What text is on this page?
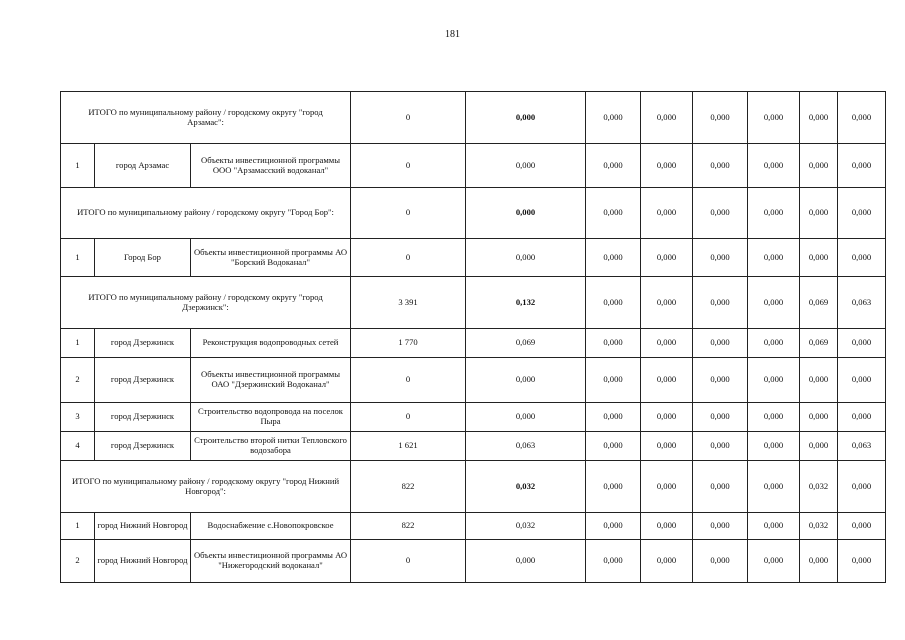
181
ИТОГО по муниципальному району / городскому округу "город Арзамас":			0	0,000	0,000	0,000	0,000	0,000	0,000	0,000
1	город Арзамас	Объекты инвестиционной программы ООО "Арзамасский водоканал"	0	0,000	0,000	0,000	0,000	0,000	0,000	0,000
ИТОГО по муниципальному району / городскому округу "Город Бор":			0	0,000	0,000	0,000	0,000	0,000	0,000	0,000
1	Город Бор	Объекты инвестиционной программы АО "Борский Водоканал"	0	0,000	0,000	0,000	0,000	0,000	0,000	0,000
ИТОГО по муниципальному району / городскому округу "город Дзержинск":			3 391	0,132	0,000	0,000	0,000	0,000	0,069	0,063
1	город Дзержинск	Реконструкция водопроводных сетей	1 770	0,069	0,000	0,000	0,000	0,000	0,069	0,000
2	город Дзержинск	Объекты инвестиционной программы ОАО "Дзержинский Водоканал"	0	0,000	0,000	0,000	0,000	0,000	0,000	0,000
3	город Дзержинск	Строительство водопровода на поселок Пыра	0	0,000	0,000	0,000	0,000	0,000	0,000	0,000
4	город Дзержинск	Строительство второй нитки Тепловского водозабора	1 621	0,063	0,000	0,000	0,000	0,000	0,000	0,063
ИТОГО по муниципальному району / городскому округу "город Нижний Новгород":			822	0,032	0,000	0,000	0,000	0,000	0,032	0,000
1	город Нижний Новгород	Водоснабжение с.Новопокровское	822	0,032	0,000	0,000	0,000	0,000	0,032	0,000
2	город Нижний Новгород	Объекты инвестиционной программы АО "Нижегородский водоканал"	0	0,000	0,000	0,000	0,000	0,000	0,000	0,000
